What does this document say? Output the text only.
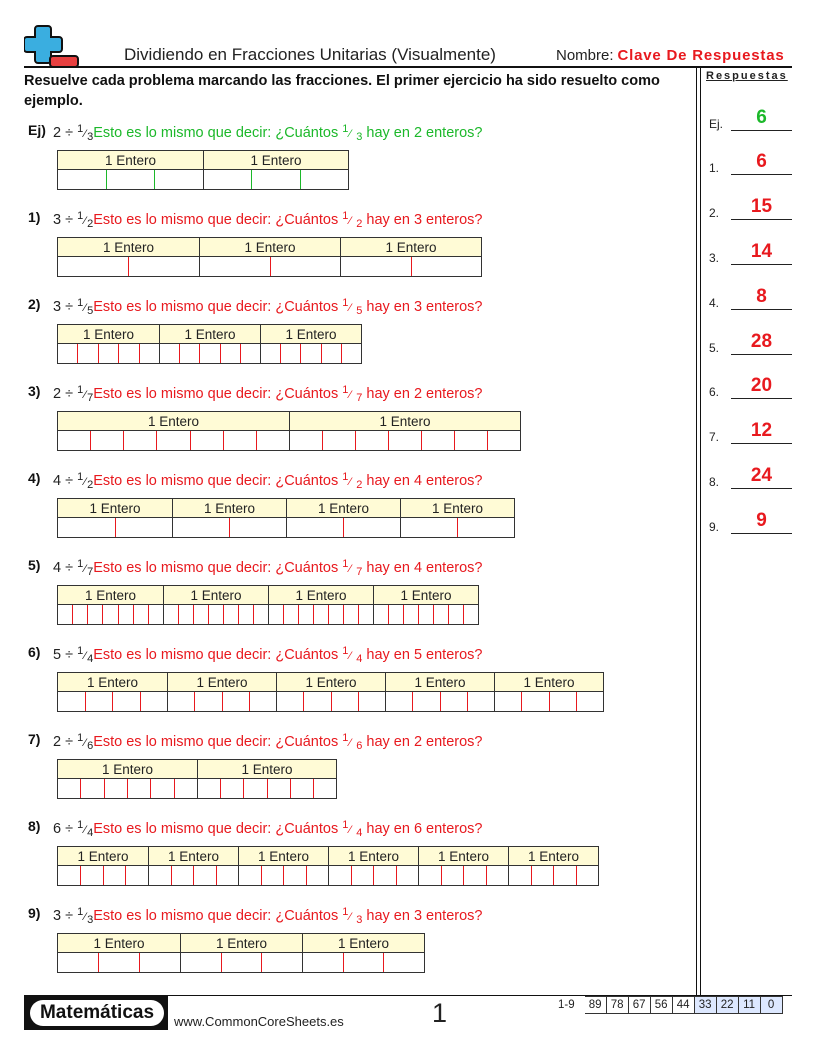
Dividiendo en Fracciones Unitarias (Visualmente)	Nombre: Clave De Respuestas
Resuelve cada problema marcando las fracciones. El primer ejercicio ha sido resuelto como ejemplo.
Respuestas
Ej.	6
1.	6
2.	15
3.	14
4.	8
5.	28
6.	20
7.	12
8.	24
9.	9
Ej) $2 \div ^1⁄_3Esto$ es lo mismo que decir: ¿Cuántos $^1$⁄ $_3$ hay en 2 enteros?
1 Entero	1 Entero
1) $3 \div ^1⁄_2Esto$ es lo mismo que decir: ¿Cuántos $^1$⁄ $_2$ hay en 3 enteros?
1 Entero	1 Entero	1 Entero
2) $3 \div ^1⁄_5Esto$ es lo mismo que decir: ¿Cuántos $^1$⁄ $_5$ hay en 3 enteros?
1 Entero	1 Entero	1 Entero
3) $2 \div ^1⁄_7Esto$ es lo mismo que decir: ¿Cuántos $^1$⁄ $_7$ hay en 2 enteros?
1 Entero	1 Entero
4) $4 \div ^1⁄_2Esto$ es lo mismo que decir: ¿Cuántos $^1$⁄ $_2$ hay en 4 enteros?
1 Entero	1 Entero	1 Entero	1 Entero
5) $4 \div ^1⁄_7Esto$ es lo mismo que decir: ¿Cuántos $^1$⁄ $_7$ hay en 4 enteros?
1 Entero	1 Entero	1 Entero	1 Entero
6) $5 \div ^1⁄_4Esto$ es lo mismo que decir: ¿Cuántos $^1$⁄ $_4$ hay en 5 enteros?
1 Entero	1 Entero	1 Entero	1 Entero	1 Entero
7) $2 \div ^1⁄_6Esto$ es lo mismo que decir: ¿Cuántos $^1$⁄ $_6$ hay en 2 enteros?
1 Entero	1 Entero
8) $6 \div ^1⁄_4Esto$ es lo mismo que decir: ¿Cuántos $^1$⁄ $_4$ hay en 6 enteros?
1 Entero	1 Entero	1 Entero	1 Entero	1 Entero	1 Entero
9) $3 \div ^1⁄_3Esto$ es lo mismo que decir: ¿Cuántos $^1$⁄ $_3$ hay en 3 enteros?
1 Entero	1 Entero	1 Entero
Matemáticas	www.CommonCoreSheets.es	1	1-9	89 78 67 56 44 33 22 11	0
